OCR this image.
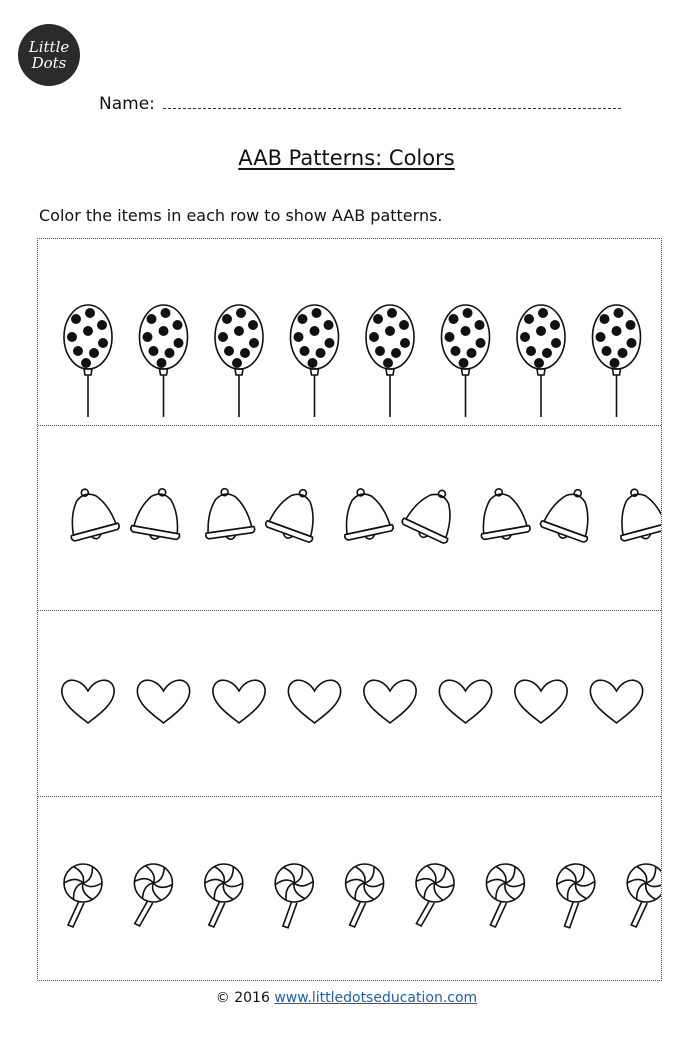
Little
Dots
Name:
AAB Patterns: Colors
Color the items in each row to show AAB patterns.
© 2016 www.littledotseducation.com
